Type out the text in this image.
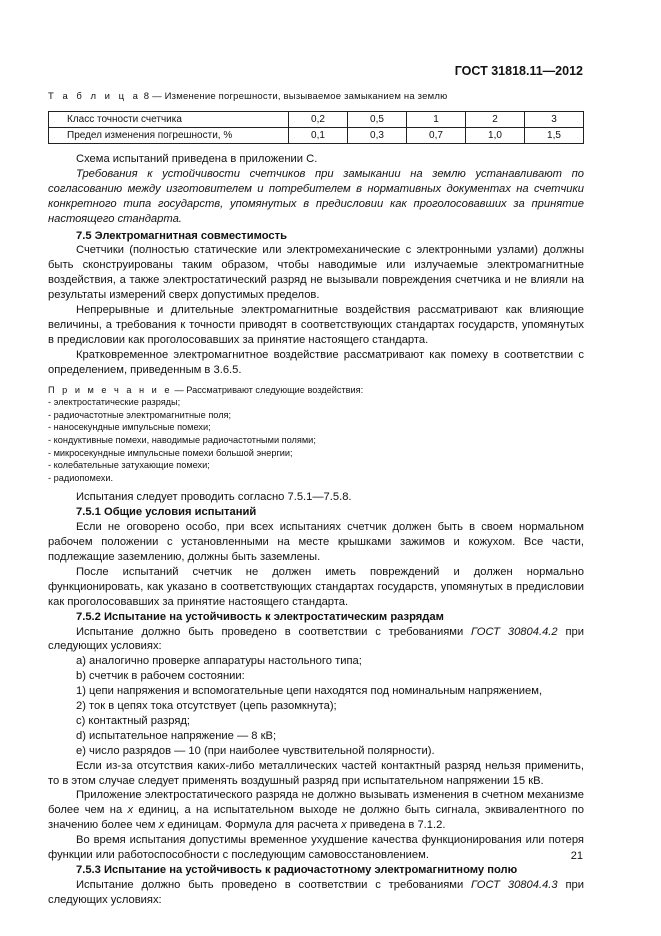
ГОСТ 31818.11—2012
Т а б л и ц а 8 — Изменение погрешности, вызываемое замыканием на землю
Класс точности счетчика	0,2	0,5	1	2	3
Предел изменения погрешности, %	0,1	0,3	0,7	1,0	1,5

Схема испытаний приведена в приложении С.

Требования к устойчивости счетчиков при замыкании на землю устанавливают по согласованию между изготовителем и потребителем в нормативных документах на счетчики конкретного типа государств, упомянутых в предисловии как проголосовавших за принятие настоящего стандарта.

7.5 Электромагнитная совместимость

Счетчики (полностью статические или электромеханические с электронными узлами) должны быть сконструированы таким образом, чтобы наводимые или излучаемые электромагнитные воздействия, а также электростатический разряд не вызывали повреждения счетчика и не влияли на результаты измерений сверх допустимых пределов.

Непрерывные и длительные электромагнитные воздействия рассматривают как влияющие величины, а требования к точности приводят в соответствующих стандартах государств, упомянутых в предисловии как проголосовавших за принятие настоящего стандарта.

Кратковременное электромагнитное воздействие рассматривают как помеху в соответствии с определением, приведенным в 3.6.5.

П р и м е ч а н и е — Рассматривают следующие воздействия:
- электростатические разряды;
- радиочастотные электромагнитные поля;
- наносекундные импульсные помехи;
- кондуктивные помехи, наводимые радиочастотными полями;
- микросекундные импульсные помехи большой энергии;
- колебательные затухающие помехи;
- радиопомехи.

Испытания следует проводить согласно 7.5.1—7.5.8.

7.5.1 Общие условия испытаний

Если не оговорено особо, при всех испытаниях счетчик должен быть в своем нормальном рабочем положении с установленными на месте крышками зажимов и кожухом. Все части, подлежащие заземлению, должны быть заземлены.

После испытаний счетчик не должен иметь повреждений и должен нормально функционировать, как указано в соответствующих стандартах государств, упомянутых в предисловии как проголосовавших за принятие настоящего стандарта.

7.5.2 Испытание на устойчивость к электростатическим разрядам

Испытание должно быть проведено в соответствии с требованиями ГОСТ 30804.4.2 при следующих условиях:

a) аналогично проверке аппаратуры настольного типа;
b) счетчик в рабочем состоянии:
1) цепи напряжения и вспомогательные цепи находятся под номинальным напряжением,
2) ток в цепях тока отсутствует (цепь разомкнута);
c) контактный разряд;
d) испытательное напряжение — 8 кВ;
e) число разрядов — 10 (при наиболее чувствительной полярности).

Если из-за отсутствия каких-либо металлических частей контактный разряд нельзя применить, то в этом случае следует применять воздушный разряд при испытательном напряжении 15 кВ.

Приложение электростатического разряда не должно вызывать изменения в счетном механизме более чем на x единиц, а на испытательном выходе не должно быть сигнала, эквивалентного по значению более чем x единицам. Формула для расчета x приведена в 7.1.2.

Во время испытания допустимы временное ухудшение качества функционирования или потеря функции или работоспособности с последующим самовосстановлением.

7.5.3 Испытание на устойчивость к радиочастотному электромагнитному полю

Испытание должно быть проведено в соответствии с требованиями ГОСТ 30804.4.3 при следующих условиях:

21
